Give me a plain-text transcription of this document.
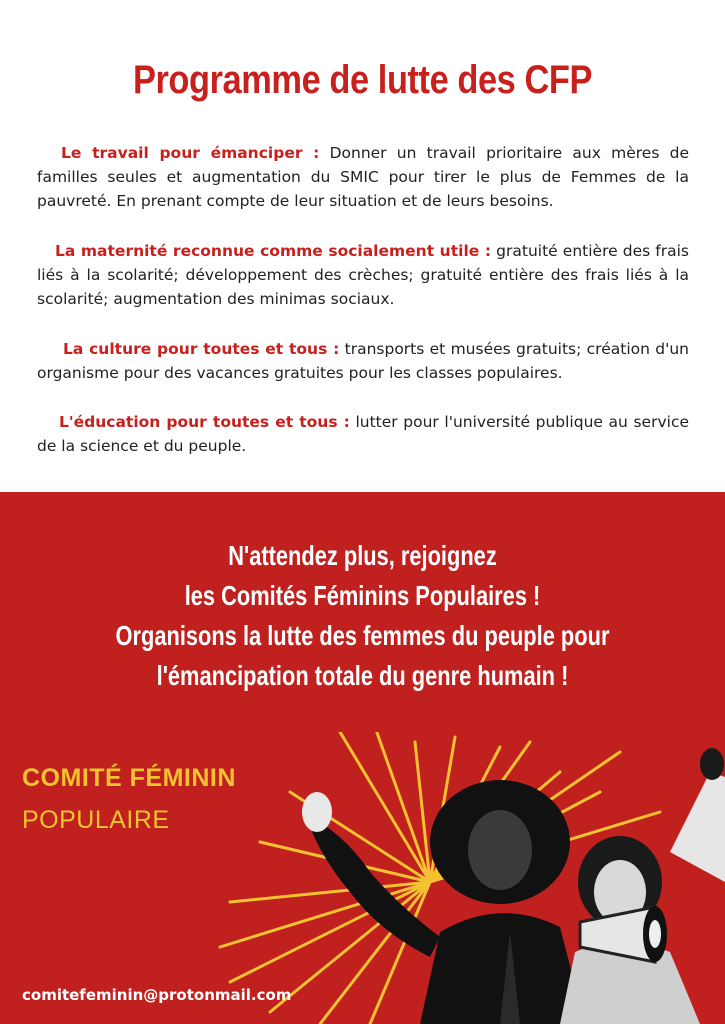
Programme de lutte des CFP

Le travail pour émanciper : Donner un travail prioritaire aux mères de familles seules et augmentation du SMIC pour tirer le plus de Femmes de la pauvreté. En prenant compte de leur situation et de leurs besoins.

La maternité reconnue comme socialement utile : gratuité entière des frais liés à la scolarité; développement des crèches; gratuité entière des frais liés à la scolarité; augmentation des minimas sociaux.

La culture pour toutes et tous : transports et musées gratuits; création d'un organisme pour des vacances gratuites pour les classes populaires.

L'éducation pour toutes et tous : lutter pour l'université publique au service de la science et du peuple.

N'attendez plus, rejoignez
les Comités Féminins Populaires !
Organisons la lutte des femmes du peuple pour
l'émancipation totale du genre humain !
COMITÉ FÉMININ
POPULAIRE
comitefeminin@protonmail.com
